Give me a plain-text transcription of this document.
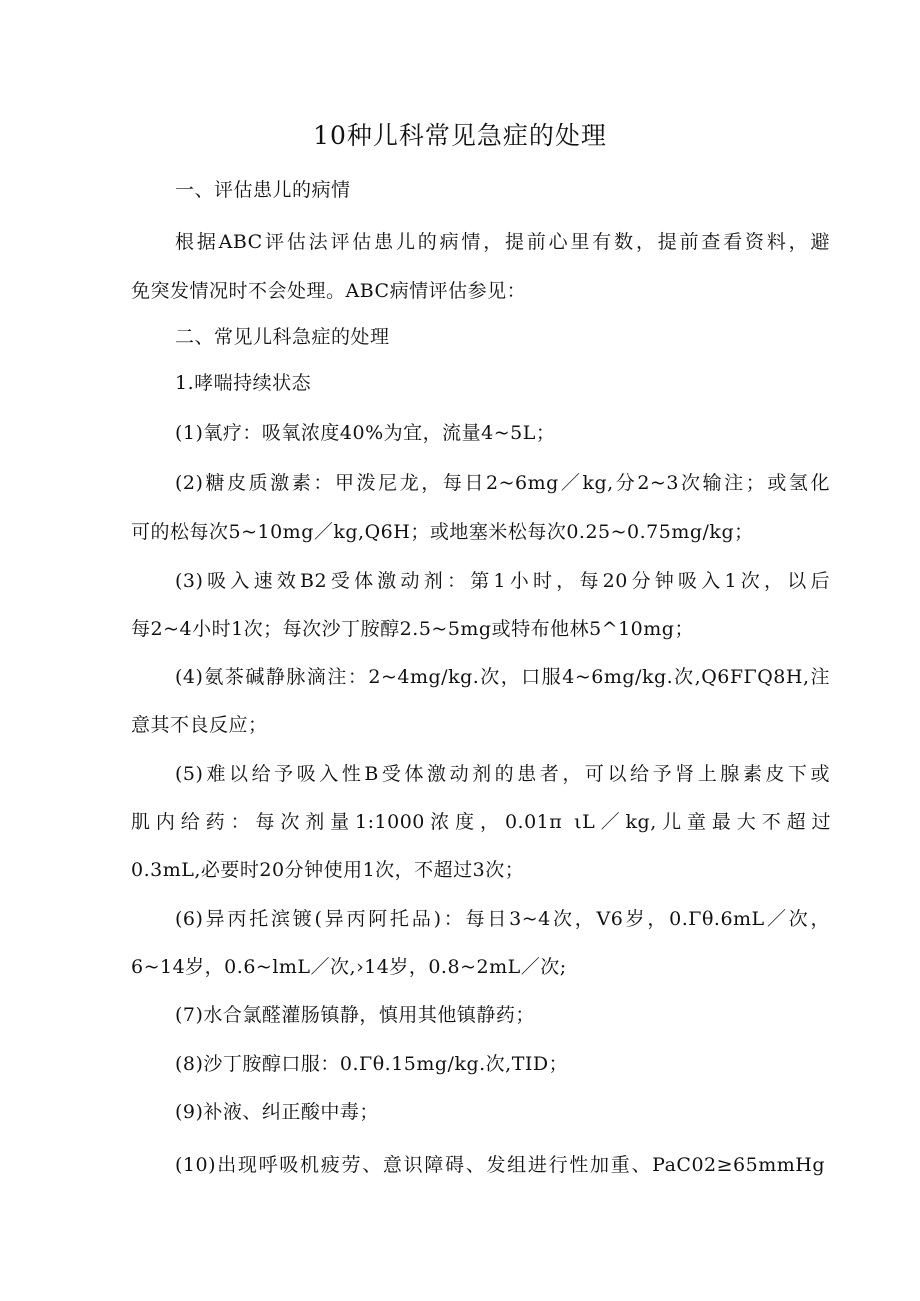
10种儿科常见急症的处理
一、评估患儿的病情
根据ABC评估法评估患儿的病情，提前心里有数，提前查看资料，避
免突发情况时不会处理。ABC病情评估参见：
二、常见儿科急症的处理
1.哮喘持续状态
(1)氧疗：吸氧浓度40%为宜，流量4~5L；
(2)糖皮质激素：甲泼尼龙，每日2~6mg／kg,分2~3次输注；或氢化
可的松每次5~10mg／kg,Q6H；或地塞米松每次0.25~0.75mg/kg；
(3)吸入速效B2受体激动剂：第1小时，每20分钟吸入1次，以后
每2~4小时1次；每次沙丁胺醇2.5~5mg或特布他林5^10mg；
(4)氨茶碱静脉滴注：2~4mg/kg.次，口服4~6mg/kg.次,Q6FΓQ8H,注
意其不良反应；
(5)难以给予吸入性B受体激动剂的患者，可以给予肾上腺素皮下或
肌内给药：每次剂量1:1000浓度，0.01π ιL／kg,儿童最大不超过
0.3mL,必要时20分钟使用1次，不超过3次；
(6)异丙托滨镀(异丙阿托品)：每日3~4次，V6岁，0.Γθ.6mL／次，
6~14岁，0.6~lmL／次,›14岁，0.8~2mL／次;
(7)水合氯醛灌肠镇静，慎用其他镇静药；
(8)沙丁胺醇口服：0.Γθ.15mg/kg.次,TID；
(9)补液、纠正酸中毒；
(10)出现呼吸机疲劳、意识障碍、发组进行性加重、PaC02≥65mmHg
